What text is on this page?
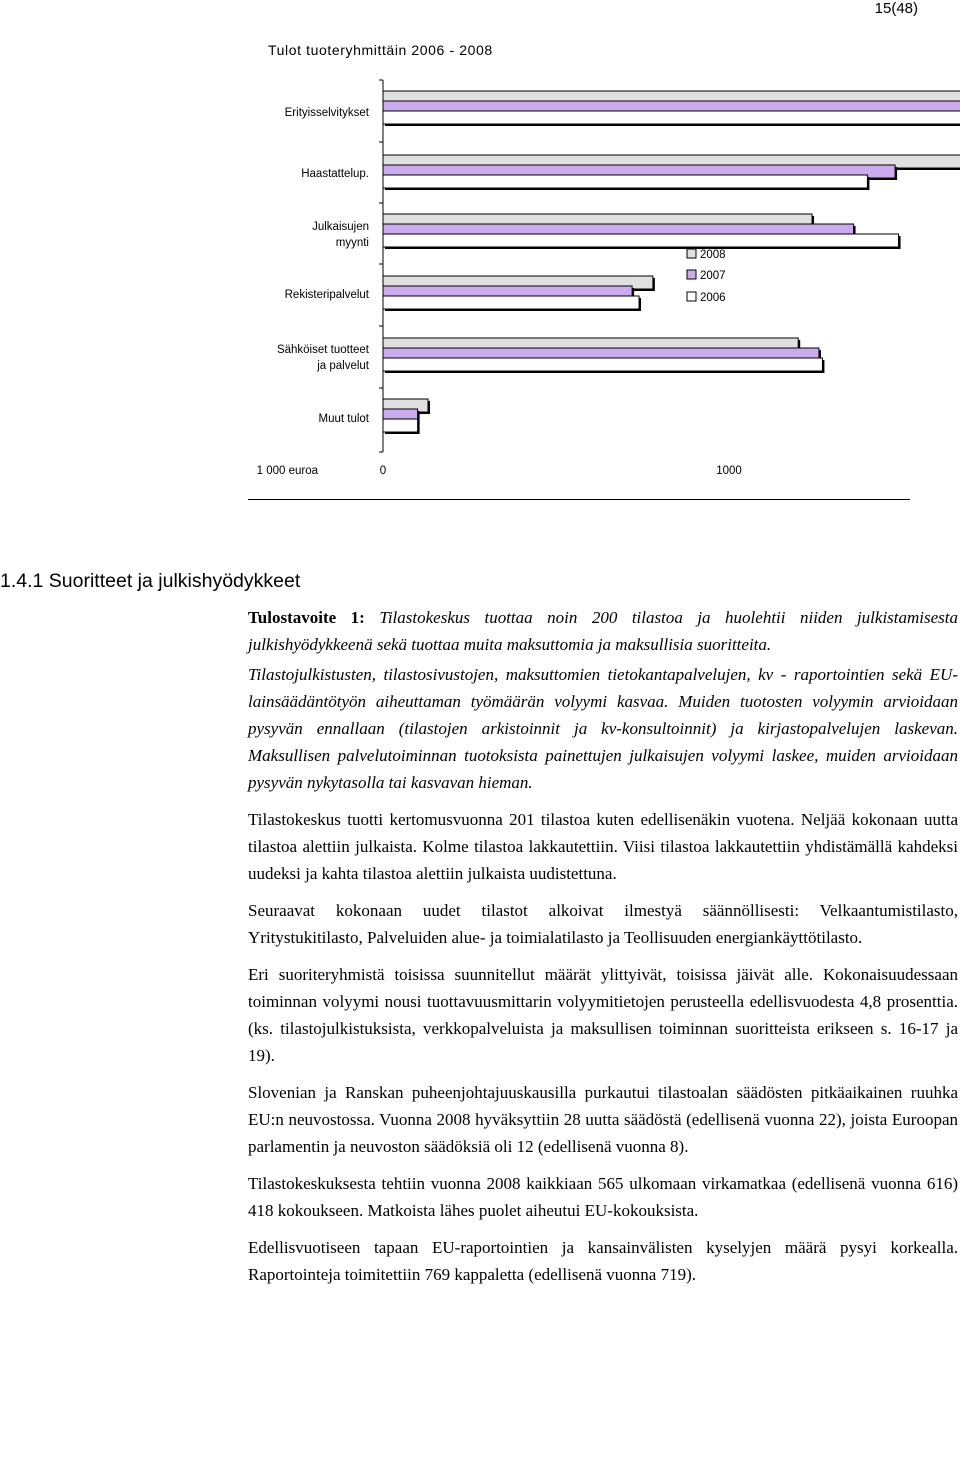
15(48)
Tulot tuoteryhmittäin 2006 - 2008
Erityisselvitykset
Haastattelup.
Julkaisujen myynti
Rekisteripalvelut
Sähköiset tuotteet ja palvelut
Muut tulot
0	1000
1 000 euroa
2008
2007
2006
1.4.1 Suoritteet ja julkishyödykkeet

Tulostavoite 1: Tilastokeskus tuottaa noin 200 tilastoa ja huolehtii niiden julkistamisesta julkishyödykkeenä sekä tuottaa muita maksuttomia ja maksullisia suoritteita.

Tilastojulkistusten, tilastosivustojen, maksuttomien tietokantapalvelujen, kv - raportointien sekä EU-lainsäädäntötyön aiheuttaman työmäärän volyymi kasvaa. Muiden tuotosten volyymin arvioidaan pysyvän ennallaan (tilastojen arkistoinnit ja kv-konsultoinnit) ja kirjastopalvelujen laskevan. Maksullisen palvelutoiminnan tuotoksista painettujen julkaisujen volyymi laskee, muiden arvioidaan pysyvän nykytasolla tai kasvavan hieman.

Tilastokeskus tuotti kertomusvuonna 201 tilastoa kuten edellisenäkin vuotena. Neljää kokonaan uutta tilastoa alettiin julkaista. Kolme tilastoa lakkautettiin. Viisi tilastoa lakkautettiin yhdistämällä kahdeksi uudeksi ja kahta tilastoa alettiin julkaista uudistettuna.

Seuraavat kokonaan uudet tilastot alkoivat ilmestyä säännöllisesti: Velkaantumistilasto, Yritystukitilasto, Palveluiden alue- ja toimialatilasto ja Teollisuuden energiankäyttötilasto.

Eri suoriteryhmistä toisissa suunnitellut määrät ylittyivät, toisissa jäivät alle. Kokonaisuudessaan toiminnan volyymi nousi tuottavuusmittarin volyymitietojen perusteella edellisvuodesta 4,8 prosenttia. (ks. tilastojulkistuksista, verkkopalveluista ja maksullisen toiminnan suoritteista erikseen s. 16-17 ja 19).

Slovenian ja Ranskan puheenjohtajuuskausilla purkautui tilastoalan säädösten pitkäaikainen ruuhka EU:n neuvostossa. Vuonna 2008 hyväksyttiin 28 uutta säädöstä (edellisenä vuonna 22), joista Euroopan parlamentin ja neuvoston säädöksiä oli 12 (edellisenä vuonna 8).

Tilastokeskuksesta tehtiin vuonna 2008 kaikkiaan 565 ulkomaan virkamatkaa (edellisenä vuonna 616) 418 kokoukseen. Matkoista lähes puolet aiheutui EU-kokouksista.

Edellisvuotiseen tapaan EU-raportointien ja kansainvälisten kyselyjen määrä pysyi korkealla. Raportointeja toimitettiin 769 kappaletta (edellisenä vuonna 719).
